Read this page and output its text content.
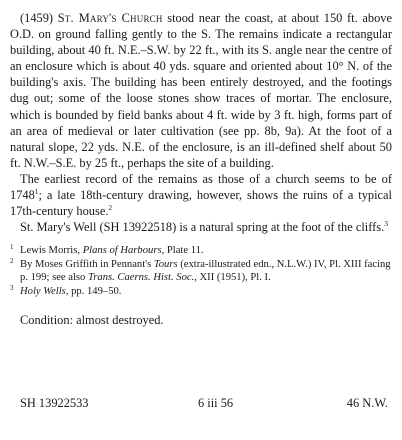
(1459) St. Mary's Church stood near the coast, at about 150 ft. above O.D. on ground falling gently to the S. The remains indicate a rectangular building, about 40 ft. N.E.–S.W. by 22 ft., with its S. angle near the centre of an enclosure which is about 40 yds. square and oriented about 10° N. of the building's axis. The building has been entirely destroyed, and the footings dug out; some of the loose stones show traces of mortar. The enclosure, which is bounded by field banks about 4 ft. wide by 3 ft. high, forms part of an area of medieval or later cultivation (see pp. 8b, 9a). At the foot of a natural slope, 22 yds. N.E. of the enclosure, is an ill-defined shelf about 50 ft. N.W.–S.E. by 25 ft., perhaps the site of a building.

The earliest record of the remains as those of a church seems to be of 1748$^1$; a late 18th-century drawing, however, shows the ruins of a typical 17th-century house.$^2$

St. Mary's Well (SH 13922518) is a natural spring at the foot of the cliffs.$^3$

1 Lewis Morris, Plans of Harbours, Plate 11.

2 By Moses Griffith in Pennant's Tours (extra-illustrated edn., N.L.W.) IV, Pl. XIII facing p. 199; see also Trans. Caerns. Hist. Soc., XII (1951), Pl. I.

3 Holy Wells, pp. 149–50.

Condition: almost destroyed.

SH 13922533	6 iii 56	46 N.W.
